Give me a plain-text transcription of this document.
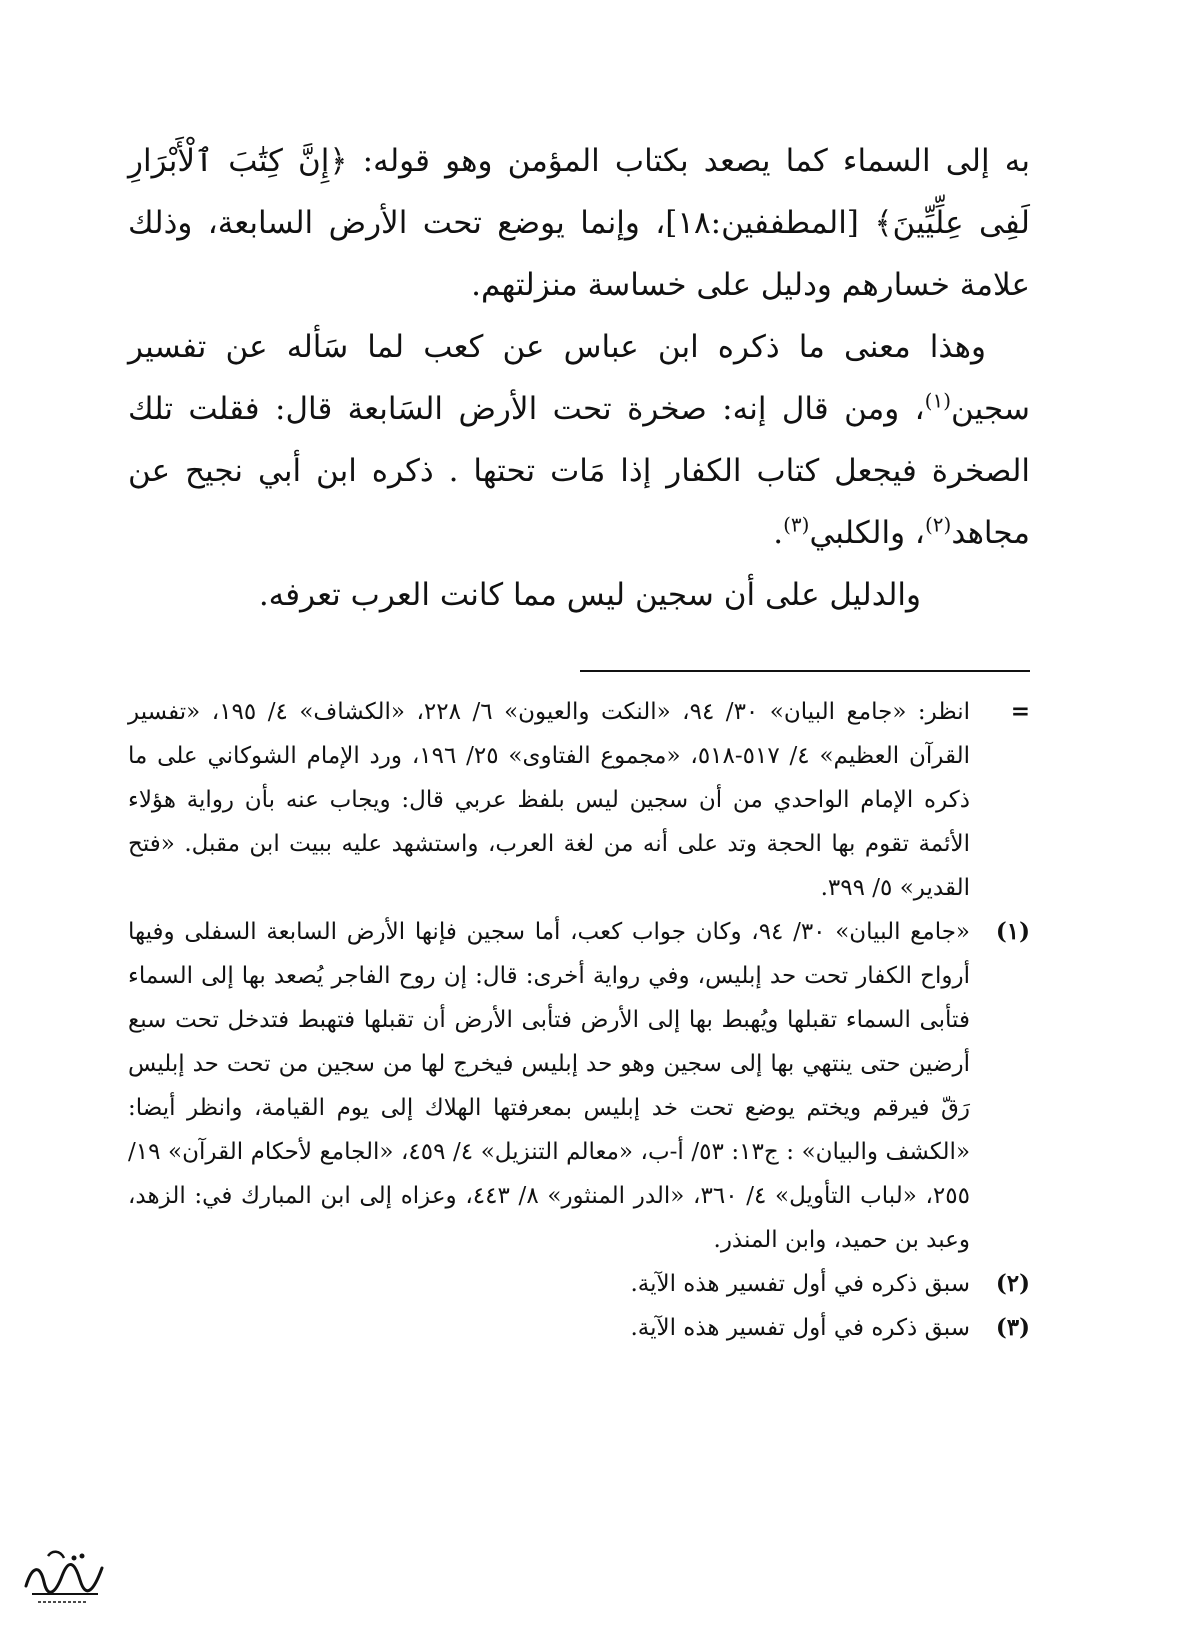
به إلى السماء كما يصعد بكتاب المؤمن وهو قوله: ﴿إِنَّ كِتَٰبَ ٱلْأَبْرَارِ لَفِى عِلِّيِّينَ﴾ [المطففين:١٨]، وإنما يوضع تحت الأرض السابعة، وذلك علامة خسارهم ودليل على خساسة منزلتهم.

وهذا معنى ما ذكره ابن عباس عن كعب لما سَأله عن تفسير سجين$^{(١)}$، ومن قال إنه: صخرة تحت الأرض السَابعة قال: فقلت تلك الصخرة فيجعل كتاب الكفار إذا مَات تحتها . ذكره ابن أبي نجيح عن مجاهد$^{(٢)}$، والكلبي$^{(٣)}$.

والدليل على أن سجين ليس مما كانت العرب تعرفه.

=
انظر: «جامع البيان» ٣٠/ ٩٤، «النكت والعيون» ٦/ ٢٢٨، «الكشاف» ٤/ ١٩٥، «تفسير القرآن العظيم» ٤/ ٥١٧-٥١٨، «مجموع الفتاوى» ٢٥/ ١٩٦، ورد الإمام الشوكاني على ما ذكره الإمام الواحدي من أن سجين ليس بلفظ عربي قال: ويجاب عنه بأن رواية هؤلاء الأئمة تقوم بها الحجة وتد على أنه من لغة العرب، واستشهد عليه ببيت ابن مقبل. «فتح القدير» ٥/ ٣٩٩.
(١)
«جامع البيان» ٣٠/ ٩٤، وكان جواب كعب، أما سجين فإنها الأرض السابعة السفلى وفيها أرواح الكفار تحت حد إبليس، وفي رواية أخرى: قال: إن روح الفاجر يُصعد بها إلى السماء فتأبى السماء تقبلها ويُهبط بها إلى الأرض فتأبى الأرض أن تقبلها فتهبط فتدخل تحت سبع أرضين حتى ينتهي بها إلى سجين وهو حد إبليس فيخرج لها من سجين من تحت حد إبليس رَقّ فيرقم ويختم يوضع تحت خد إبليس بمعرفتها الهلاك إلى يوم القيامة، وانظر أيضا: «الكشف والبيان» : ج١٣: ٥٣/ أ-ب، «معالم التنزيل» ٤/ ٤٥٩، «الجامع لأحكام القرآن» ١٩/ ٢٥٥، «لباب التأويل» ٤/ ٣٦٠، «الدر المنثور» ٨/ ٤٤٣، وعزاه إلى ابن المبارك في: الزهد، وعبد بن حميد، وابن المنذر.
(٢)
سبق ذكره في أول تفسير هذه الآية.
(٣)
سبق ذكره في أول تفسير هذه الآية.
